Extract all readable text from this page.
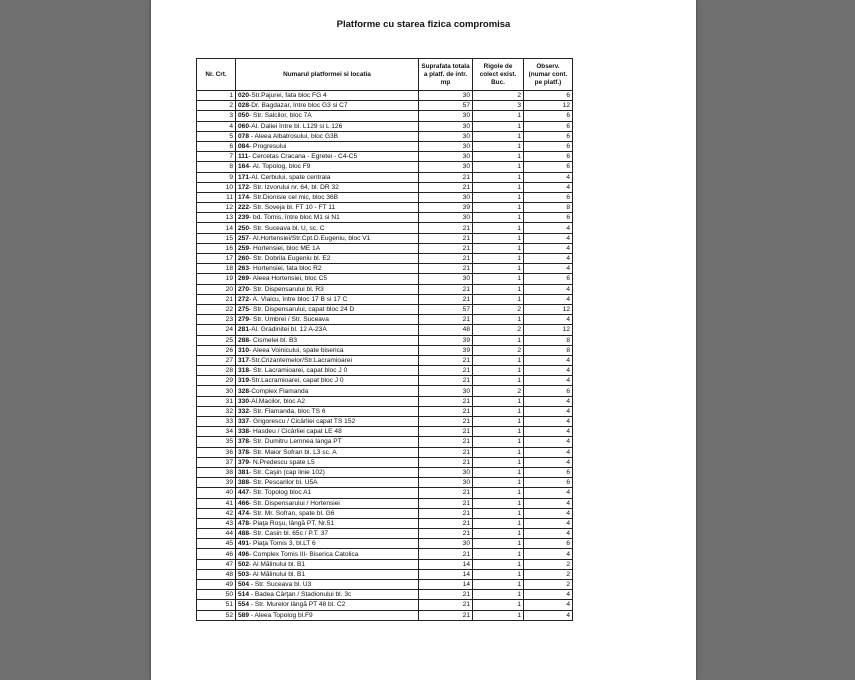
Platforme cu starea fizica compromisa
Nr. Crt.	Numarul platformei si locatia	Suprafata totala a platf. de intr. mp	Rigole de colect exist. Buc.	Observ. (numar cont. pe platf.)
1	020-Str.Pajurei, fata bloc FG 4	30	2	6
2	028-Dr. Bagdazar, între bloc G3 si C7	57	3	12
3	050- Str. Salcilor, bloc 7A	30	1	6
4	060-Al. Daliei între bl. L129 si L 126	30	1	6
5	078 - Aleea Albatrosului, bloc G3B	30	1	6
6	084- Progresului	30	1	6
7	111- Cercetas Cracana - Egretei - C4-C5	30	1	6
8	164- Al. Topolog, bloc F9	30	1	6
9	171-Al. Cerbului, spate centrala	21	1	4
10	172- Str. Izvorului nr. 64, bl. DR 32	21	1	4
11	174- Str.Dionisie cel mic, bloc 36B	30	1	6
12	222- Str. Soveja bl. FT 10 - FT 11	39	1	8
13	239- bd. Tomis, între bloc M1 si N1	30	1	6
14	250- Str. Suceava bl. U, sc. C	21	1	4
15	257- Al.Hortensiei/Str.Cpt.D.Eugeniu, bloc V1	21	1	4
16	259- Hortensiei, bloc ME 1A	21	1	4
17	260- Str. Dobrila Eugeniu bl. E2	21	1	4
18	263- Hortensiei, fata bloc R2	21	1	4
19	269- Aleea Hortensiei, bloc C5	30	1	6
20	270- Str. Dispensarului bl. R3	21	1	4
21	272- A. Vlaicu, între bloc 17 B si 17 C	21	1	4
22	275- Str. Dispensarului, capat bloc 24 D	57	2	12
23	279- Str. Umbrei / Str. Suceava	21	1	4
24	281-Al. Gradinitei bl. 12 A-23A	48	2	12
25	288- Cismelei bl. B3	39	1	8
26	310- Aleea Voinicului, spate biserica	39	2	8
27	317-Str.Crizantemelor/Str.Lacramioarei	21	1	4
28	318- Str. Lacramioarei, capat bloc J 0	21	1	4
29	319-Str.Lacramioarei, capat bloc J 0	21	1	4
30	328-Complex Flamanda	30	2	6
31	330-Al.Macilor, bloc A2	21	1	4
32	332- Str. Flamanda, bloc TS 6	21	1	4
33	337- Grigorescu / Cicârliei capat TS 152	21	1	4
34	338- Hasdeu / Cicârliei capat LE 48	21	1	4
35	378- Str. Dumitru Lemnea langa PT	21	1	4
36	378- Str. Maior Sofran bl. L3 sc. A	21	1	4
37	379- N.Predescu spate L5	21	1	4
38	381- Str. Caşin (cap linie 102)	30	1	6
39	388- Str. Pescarilor bl. U5A	30	1	6
40	447- Str. Topolog bloc A1	21	1	4
41	466- Str. Dispensarului / Hortensiei	21	1	4
42	474- Str. Mr. Sofran, spate bl. G6	21	1	4
43	478- Piaţa Roşu, lângă PT. Nr.51	21	1	4
44	488- Str. Casin bl. 65c / P.T. 37	21	1	4
45	491- Piaţa Tomis 3, bl.LT 6	30	1	6
46	496- Complex Tomis III- Biserica Catolica	21	1	4
47	502- Al Mălinului bl. B1	14	1	2
48	503- Al Mălinului bl. B1	14	1	2
49	504 - Str. Suceava bl. U3	14	1	2
50	514 - Badea Cârţan / Stadionului bl. 3c	21	1	4
51	554 - Str. Murelor lângă PT 48 bl. C2	21	1	4
52	589 - Aleea Topolog bl.F9	21	1	4
